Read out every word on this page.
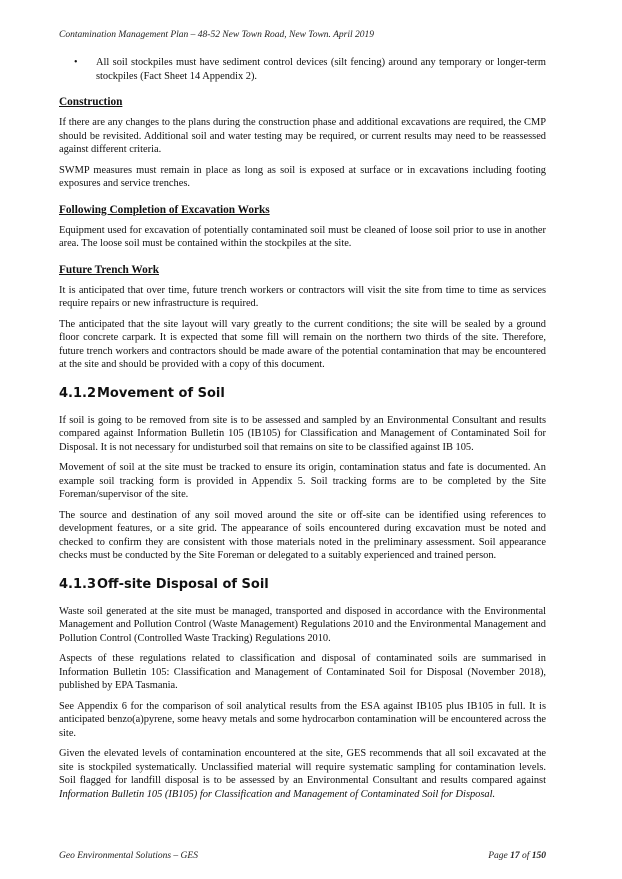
Contamination Management Plan – 48-52 New Town Road, New Town. April 2019
•	All soil stockpiles must have sediment control devices (silt fencing) around any temporary or longer-term stockpiles (Fact Sheet 14 Appendix 2).
Construction

If there are any changes to the plans during the construction phase and additional excavations are required, the CMP should be revisited. Additional soil and water testing may be required, or current results may need to be reassessed against different criteria.

SWMP measures must remain in place as long as soil is exposed at surface or in excavations including footing exposures and service trenches.

Following Completion of Excavation Works

Equipment used for excavation of potentially contaminated soil must be cleaned of loose soil prior to use in another area. The loose soil must be contained within the stockpiles at the site.

Future Trench Work

It is anticipated that over time, future trench workers or contractors will visit the site from time to time as services require repairs or new infrastructure is required.

The anticipated that the site layout will vary greatly to the current conditions; the site will be sealed by a ground floor concrete carpark. It is expected that some fill will remain on the northern two thirds of the site. Therefore, future trench workers and contractors should be made aware of the potential contamination that may be encountered at the site and should be provided with a copy of this document.

4.1.2Movement of Soil

If soil is going to be removed from site is to be assessed and sampled by an Environmental Consultant and results compared against Information Bulletin 105 (IB105) for Classification and Management of Contaminated Soil for Disposal. It is not necessary for undisturbed soil that remains on site to be classified against IB 105.

Movement of soil at the site must be tracked to ensure its origin, contamination status and fate is documented. An example soil tracking form is provided in Appendix 5. Soil tracking forms are to be completed by the Site Foreman/supervisor of the site.

The source and destination of any soil moved around the site or off-site can be identified using references to development features, or a site grid. The appearance of soils encountered during excavation must be noted and checked to confirm they are consistent with those materials noted in the preliminary assessment. Soil appearance checks must be conducted by the Site Foreman or delegated to a suitably experienced and trained person.

4.1.3Off-site Disposal of Soil

Waste soil generated at the site must be managed, transported and disposed in accordance with the Environmental Management and Pollution Control (Waste Management) Regulations 2010 and the Environmental Management and Pollution Control (Controlled Waste Tracking) Regulations 2010.

Aspects of these regulations related to classification and disposal of contaminated soils are summarised in Information Bulletin 105: Classification and Management of Contaminated Soil for Disposal (November 2018), published by EPA Tasmania.

See Appendix 6 for the comparison of soil analytical results from the ESA against IB105 plus IB105 in full. It is anticipated benzo(a)pyrene, some heavy metals and some hydrocarbon contamination will be encountered across the site.

Given the elevated levels of contamination encountered at the site, GES recommends that all soil excavated at the site is stockpiled systematically. Unclassified material will require systematic sampling for contamination levels. Soil flagged for landfill disposal is to be assessed by an Environmental Consultant and results compared against Information Bulletin 105 (IB105) for Classification and Management of Contaminated Soil for Disposal.

Geo Environmental Solutions – GES	Page 17 of 150
